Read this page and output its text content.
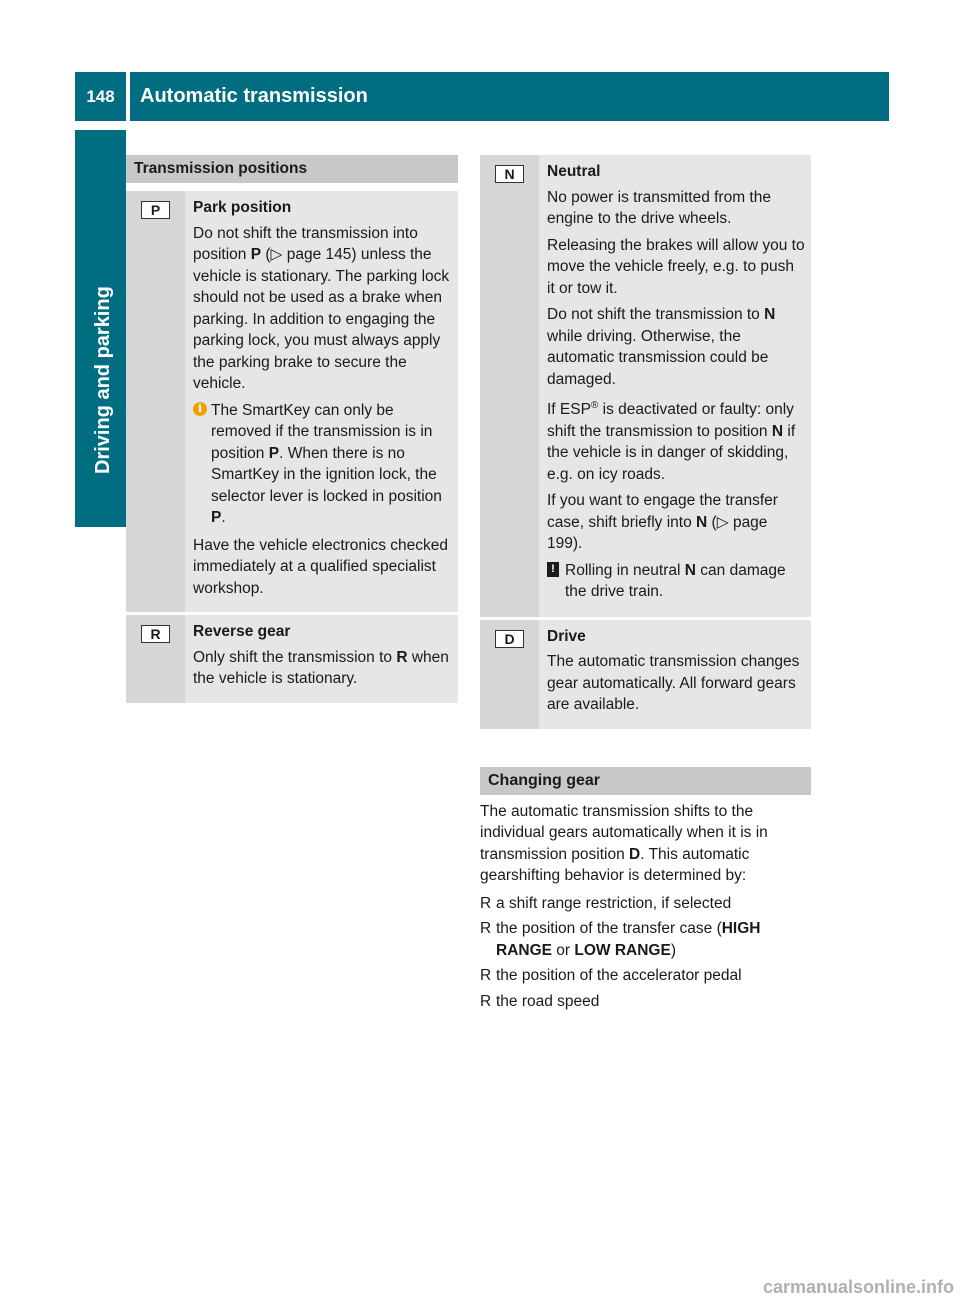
148	Automatic transmission
Driving and parking
Transmission positions
P	Park position

Do not shift the transmission into position P (▷ page 145) unless the vehicle is stationary. The parking lock should not be used as a brake when parking. In addition to engaging the parking lock, you must always apply the parking brake to secure the vehicle.

i The SmartKey can only be removed if the transmission is in position P. When there is no SmartKey in the ignition lock, the selector lever is locked in position P.

Have the vehicle electronics checked immediately at a qualified specialist workshop.

R	Reverse gear

Only shift the transmission to R when the vehicle is stationary.

N	Neutral

No power is transmitted from the engine to the drive wheels.

Releasing the brakes will allow you to move the vehicle freely, e.g. to push it or tow it.

Do not shift the transmission to N while driving. Otherwise, the automatic transmission could be damaged.

If ESP® is deactivated or faulty: only shift the transmission to position N if the vehicle is in danger of skidding, e.g. on icy roads.

If you want to engage the transfer case, shift briefly into N (▷ page 199).

! Rolling in neutral N can damage the drive train.
D	Drive

The automatic transmission changes gear automatically. All forward gears are available.

Changing gear
The automatic transmission shifts to the individual gears automatically when it is in transmission position D. This automatic gearshifting behavior is determined by:
R a shift range restriction, if selected
R the position of the transfer case (HIGH RANGE or LOW RANGE)
R the position of the accelerator pedal
R the road speed
carmanualsonline.info
